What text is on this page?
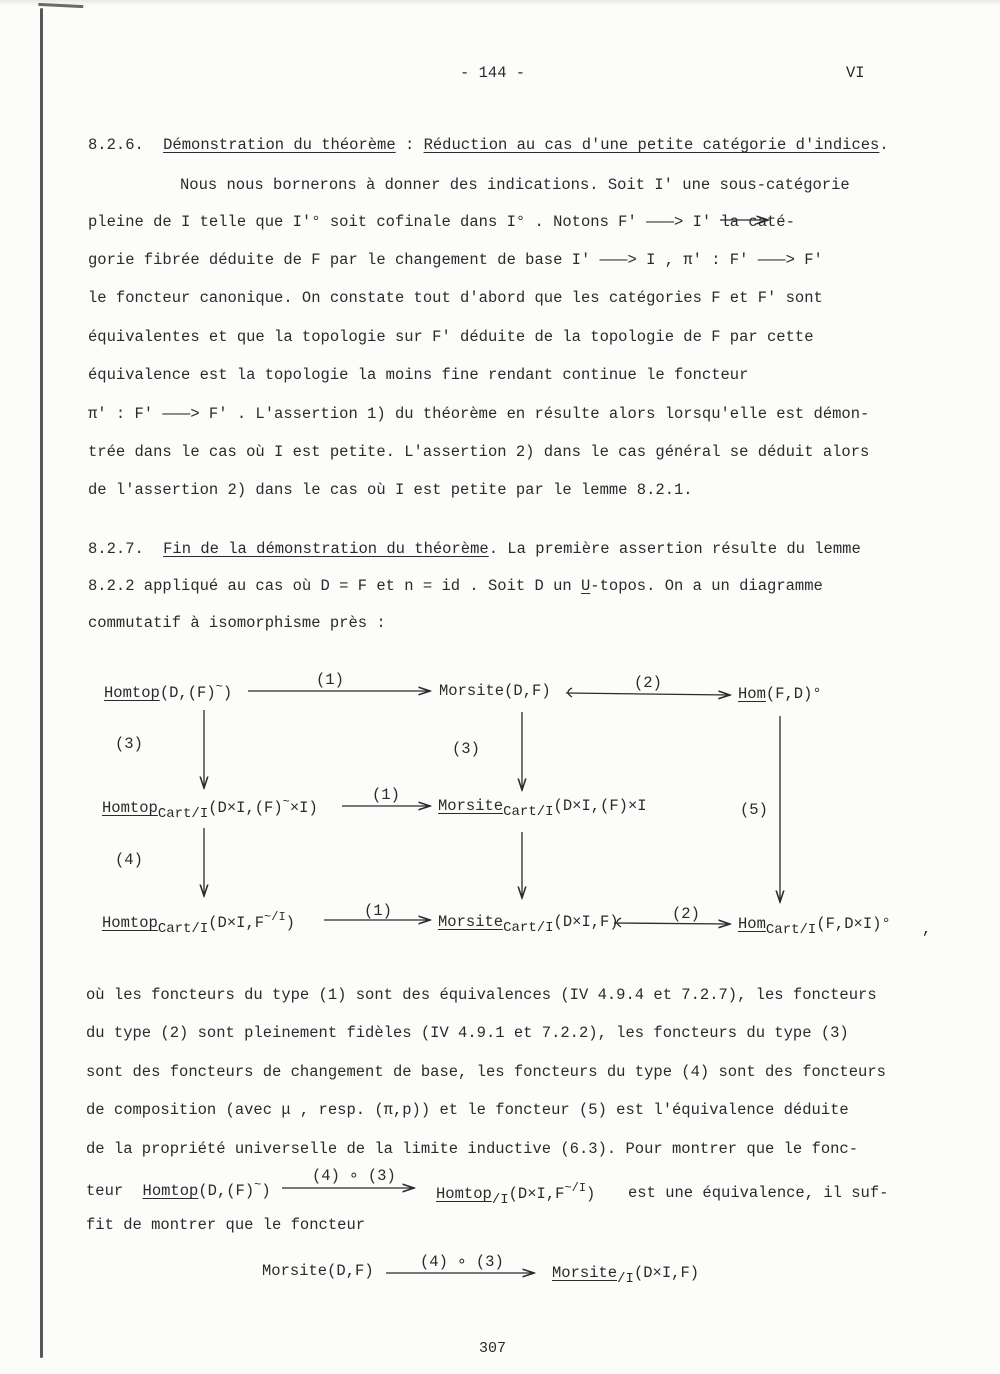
- 144 -	VI
8.2.6. Démonstration du théorème : Réduction au cas d'une petite catégorie d'indices.
Nous nous bornerons à donner des indications. Soit I' une sous-catégorie
pleine de I telle que I'° soit cofinale dans I° . Notons F' ———> I' la caté-
gorie fibrée déduite de F par le changement de base I' ———> I , π' : F' ———> F'
le foncteur canonique. On constate tout d'abord que les catégories F et F' sont
équivalentes et que la topologie sur F' déduite de la topologie de F par cette
équivalence est la topologie la moins fine rendant continue le foncteur
π' : F' ———> F' . L'assertion 1) du théorème en résulte alors lorsqu'elle est démon-
trée dans le cas où I est petite. L'assertion 2) dans le cas général se déduit alors
de l'assertion 2) dans le cas où I est petite par le lemme 8.2.1.
8.2.7. Fin de la démonstration du théorème. La première assertion résulte du lemme
8.2.2 appliqué au cas où D = F et n = id . Soit D un U-topos. On a un diagramme
commutatif à isomorphisme près :
Homtop(D,(F)~)	Morsite(D,F)	Hom(F,D)°
HomtopCart/I(D×I,(F)~×I)	MorsiteCart/I(D×I,(F)×I
HomtopCart/$I(D\times I,F^{\sim/I})$	MorsiteCart/I(D×I,F)	HomCart/I(F,D×I)° ,
(1)	(2)
(3)	(3)
(1)
(4)
(5)
(1)	(2)
où les foncteurs du type (1) sont des équivalences (IV 4.9.4 et 7.2.7), les foncteurs
du type (2) sont pleinement fidèles (IV 4.9.1 et 7.2.2), les foncteurs du type (3)
sont des foncteurs de changement de base, les foncteurs du type (4) sont des foncteurs
de composition (avec μ , resp. (π,p)) et le foncteur (5) est l'équivalence déduite
de la propriété universelle de la limite inductive (6.3). Pour montrer que le fonc-
teur Homtop(D,(F)~)
(4) ∘ (3)
Homtop/$I(D\times I,F^{\sim/I})$ est une équivalence, il suf-
fit de montrer que le foncteur
Morsite(D,F)	(4) ∘ (3)
Morsite/I(D×I,F)
307
